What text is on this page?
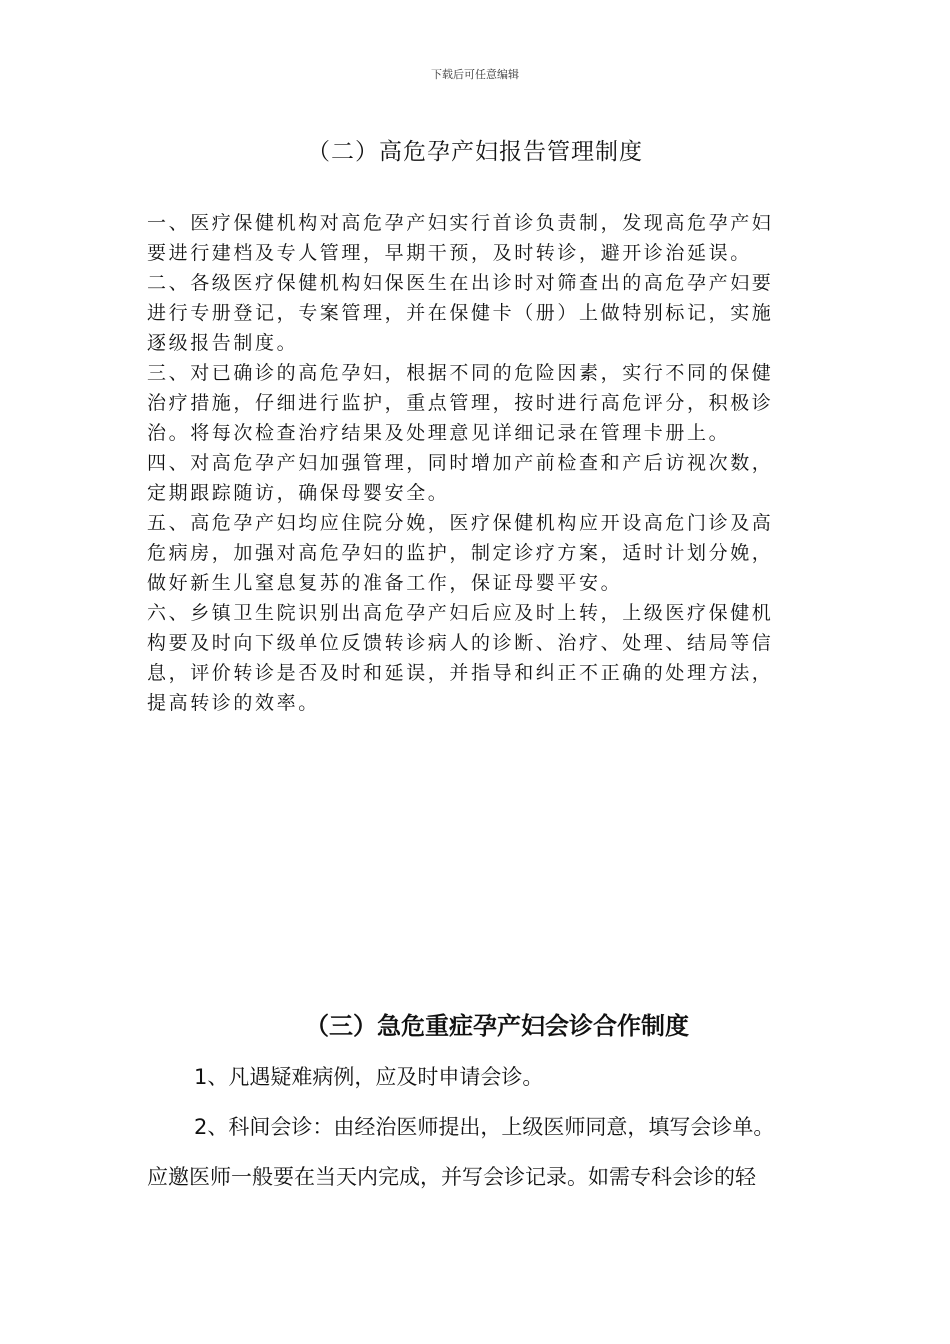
下载后可任意编辑
（二）高危孕产妇报告管理制度
一、医疗保健机构对高危孕产妇实行首诊负责制，发现高危孕产妇
要进行建档及专人管理，早期干预，及时转诊，避开诊治延误。
二、各级医疗保健机构妇保医生在出诊时对筛查出的高危孕产妇要
进行专册登记，专案管理，并在保健卡（册）上做特别标记，实施
逐级报告制度。
三、对已确诊的高危孕妇，根据不同的危险因素，实行不同的保健
治疗措施，仔细进行监护，重点管理，按时进行高危评分，积极诊
治。将每次检查治疗结果及处理意见详细记录在管理卡册上。
四、对高危孕产妇加强管理，同时增加产前检查和产后访视次数，
定期跟踪随访，确保母婴安全。
五、高危孕产妇均应住院分娩，医疗保健机构应开设高危门诊及高
危病房，加强对高危孕妇的监护，制定诊疗方案，适时计划分娩，
做好新生儿窒息复苏的准备工作，保证母婴平安。
六、乡镇卫生院识别出高危孕产妇后应及时上转，上级医疗保健机
构要及时向下级单位反馈转诊病人的诊断、治疗、处理、结局等信
息，评价转诊是否及时和延误，并指导和纠正不正确的处理方法，
提高转诊的效率。
（三）急危重症孕产妇会诊合作制度

1、凡遇疑难病例，应及时申请会诊。

2、科间会诊：由经治医师提出，上级医师同意，填写会诊单。

应邀医师一般要在当天内完成，并写会诊记录。如需专科会诊的轻
